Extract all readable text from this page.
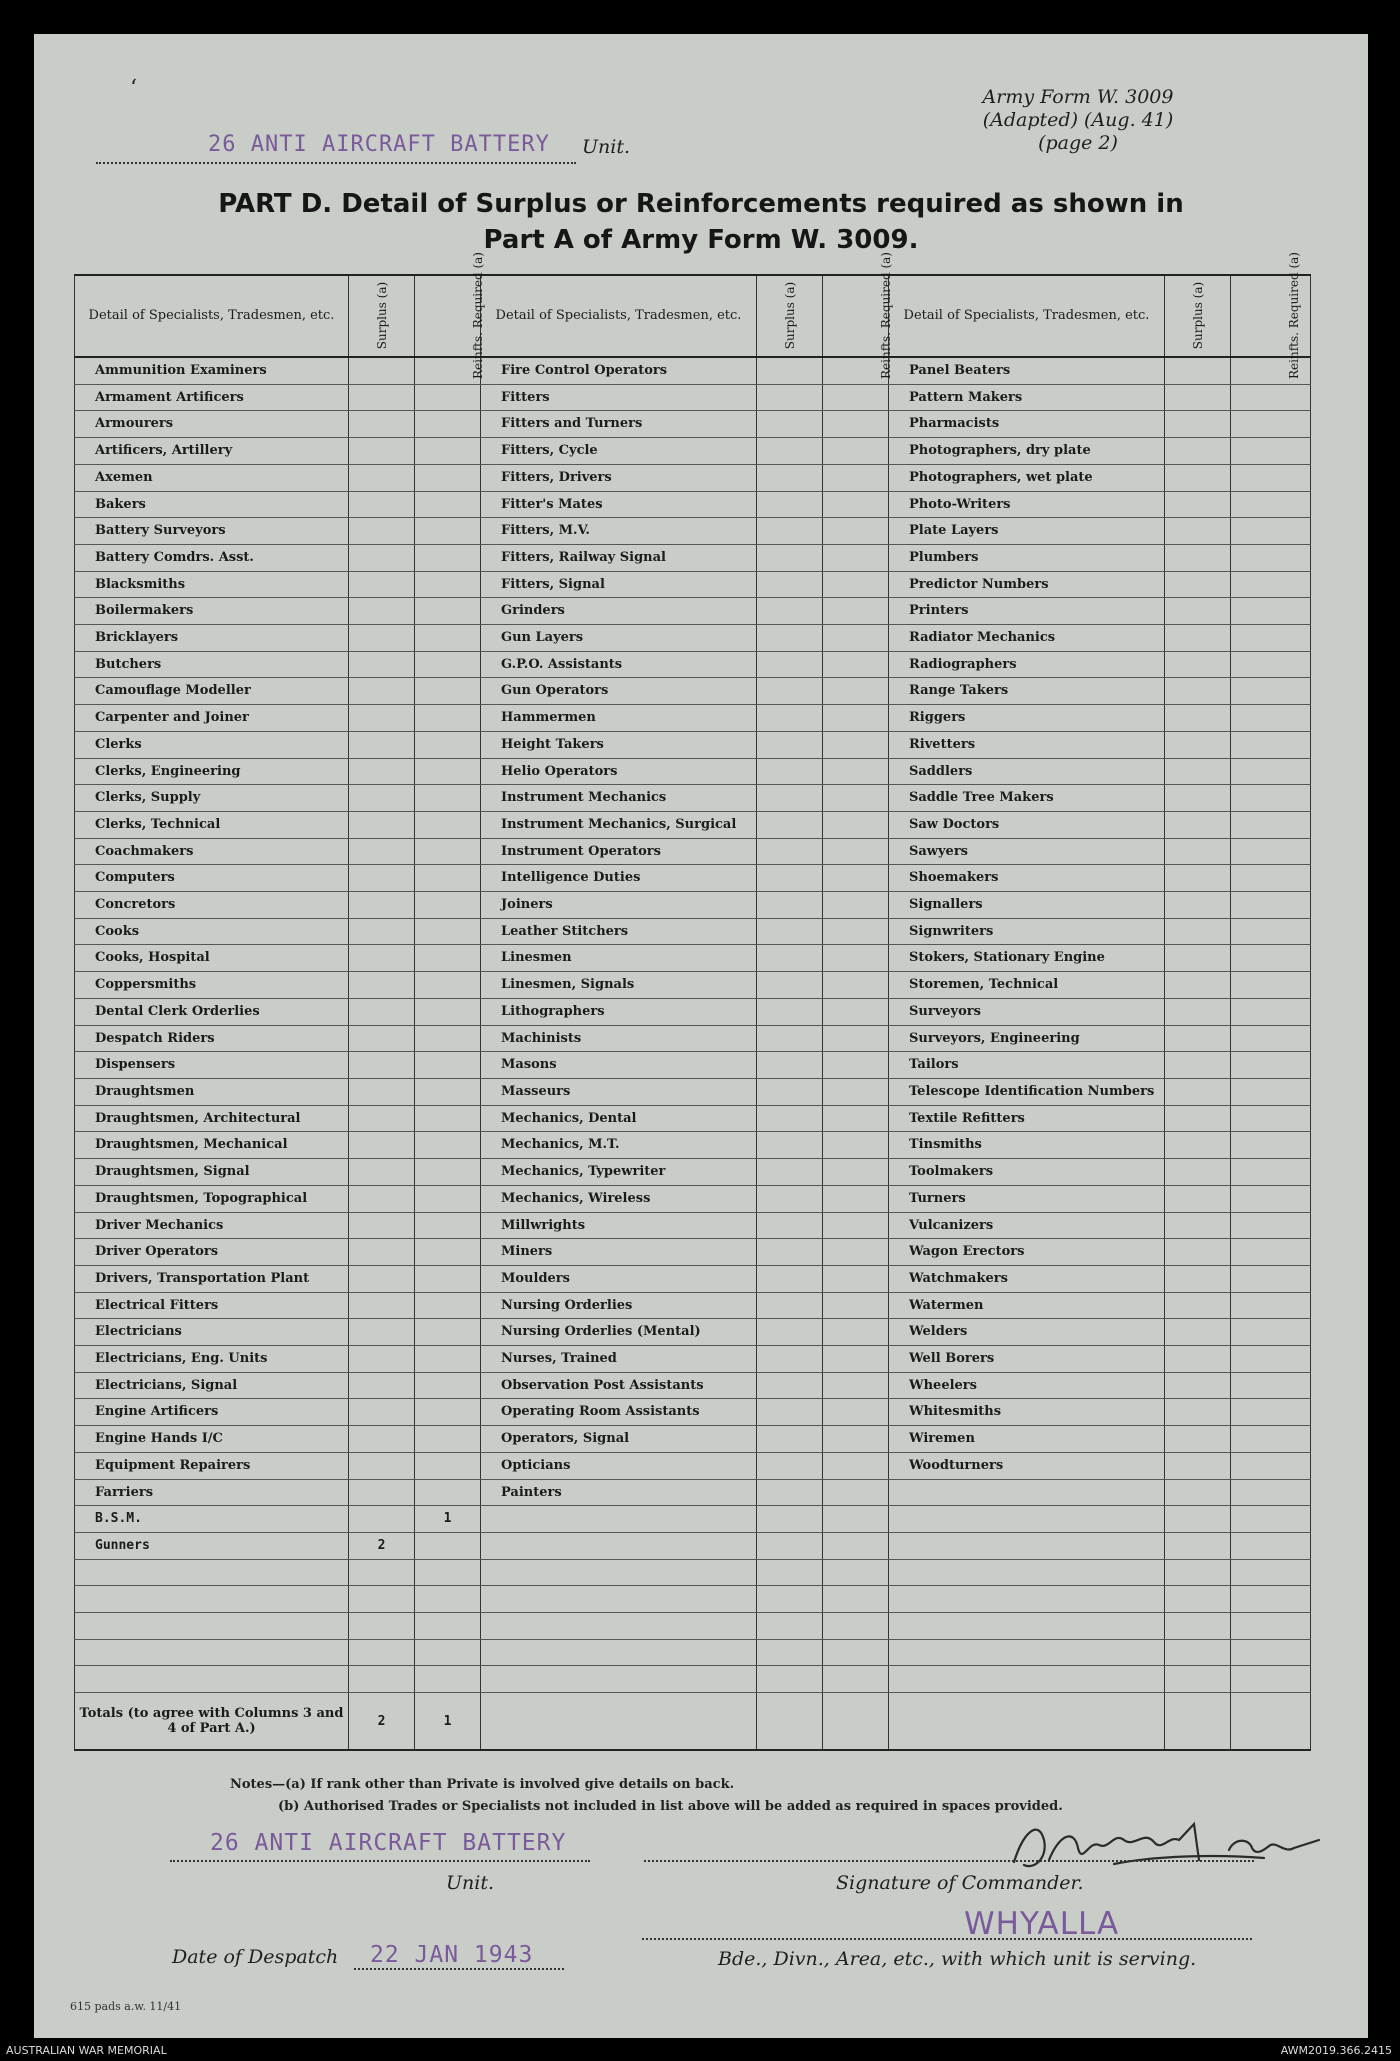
ʻ	Army Form W. 3009
(Adapted) (Aug. 41)
(page 2)
26 ANTI AIRCRAFT BATTERY Unit.
PART D. Detail of Surplus or Reinforcements required as shown in
Part A of Army Form W. 3009.
Detail of Specialists, Tradesmen, etc.	Surplus (a)	Reinfts. Required (a)	Detail of Specialists, Tradesmen, etc.	Surplus (a)	Reinfts. Required (a)	Detail of Specialists, Tradesmen, etc.	Surplus (a)	Reinfts. Required (a)
Ammunition Examiners			Fire Control Operators			Panel Beaters		
Armament Artificers			Fitters			Pattern Makers		
Armourers			Fitters and Turners			Pharmacists		
Artificers, Artillery			Fitters, Cycle			Photographers, dry plate		
Axemen			Fitters, Drivers			Photographers, wet plate		
Bakers			Fitter's Mates			Photo-Writers		
Battery Surveyors			Fitters, M.V.			Plate Layers		
Battery Comdrs. Asst.			Fitters, Railway Signal			Plumbers		
Blacksmiths			Fitters, Signal			Predictor Numbers		
Boilermakers			Grinders			Printers		
Bricklayers			Gun Layers			Radiator Mechanics		
Butchers			G.P.O. Assistants			Radiographers		
Camouflage Modeller			Gun Operators			Range Takers		
Carpenter and Joiner			Hammermen			Riggers		
Clerks			Height Takers			Rivetters		
Clerks, Engineering			Helio Operators			Saddlers		
Clerks, Supply			Instrument Mechanics			Saddle Tree Makers		
Clerks, Technical			Instrument Mechanics, Surgical			Saw Doctors		
Coachmakers			Instrument Operators			Sawyers		
Computers			Intelligence Duties			Shoemakers		
Concretors			Joiners			Signallers		
Cooks			Leather Stitchers			Signwriters		
Cooks, Hospital			Linesmen			Stokers, Stationary Engine		
Coppersmiths			Linesmen, Signals			Storemen, Technical		
Dental Clerk Orderlies			Lithographers			Surveyors		
Despatch Riders			Machinists			Surveyors, Engineering		
Dispensers			Masons			Tailors		
Draughtsmen			Masseurs			Telescope Identification Numbers		
Draughtsmen, Architectural			Mechanics, Dental			Textile Refitters		
Draughtsmen, Mechanical			Mechanics, M.T.			Tinsmiths		
Draughtsmen, Signal			Mechanics, Typewriter			Toolmakers		
Draughtsmen, Topographical			Mechanics, Wireless			Turners		
Driver Mechanics			Millwrights			Vulcanizers		
Driver Operators			Miners			Wagon Erectors		
Drivers, Transportation Plant			Moulders			Watchmakers		
Electrical Fitters			Nursing Orderlies			Watermen		
Electricians			Nursing Orderlies (Mental)			Welders		
Electricians, Eng. Units			Nurses, Trained			Well Borers		
Electricians, Signal			Observation Post Assistants			Wheelers		
Engine Artificers			Operating Room Assistants			Whitesmiths		
Engine Hands I/C			Operators, Signal			Wiremen		
Equipment Repairers			Opticians			Woodturners		
Farriers			Painters					
B.S.M.		1						
Gunners	2							

Totals (to agree with Columns 3 and 4 of Part A.)	2	1						
Notes—(a) If rank other than Private is involved give details on back.
(b) Authorised Trades or Specialists not included in list above will be added as required in spaces provided.
26 ANTI AIRCRAFT BATTERY
Unit.	Signature of Commander.
WHYALLA
Bde., Divn., Area, etc., with which unit is serving.
Date of Despatch 22 JAN 1943
615 pads a.w. 11/41
AUSTRALIAN WAR MEMORIAL	AWM2019.366.2415
